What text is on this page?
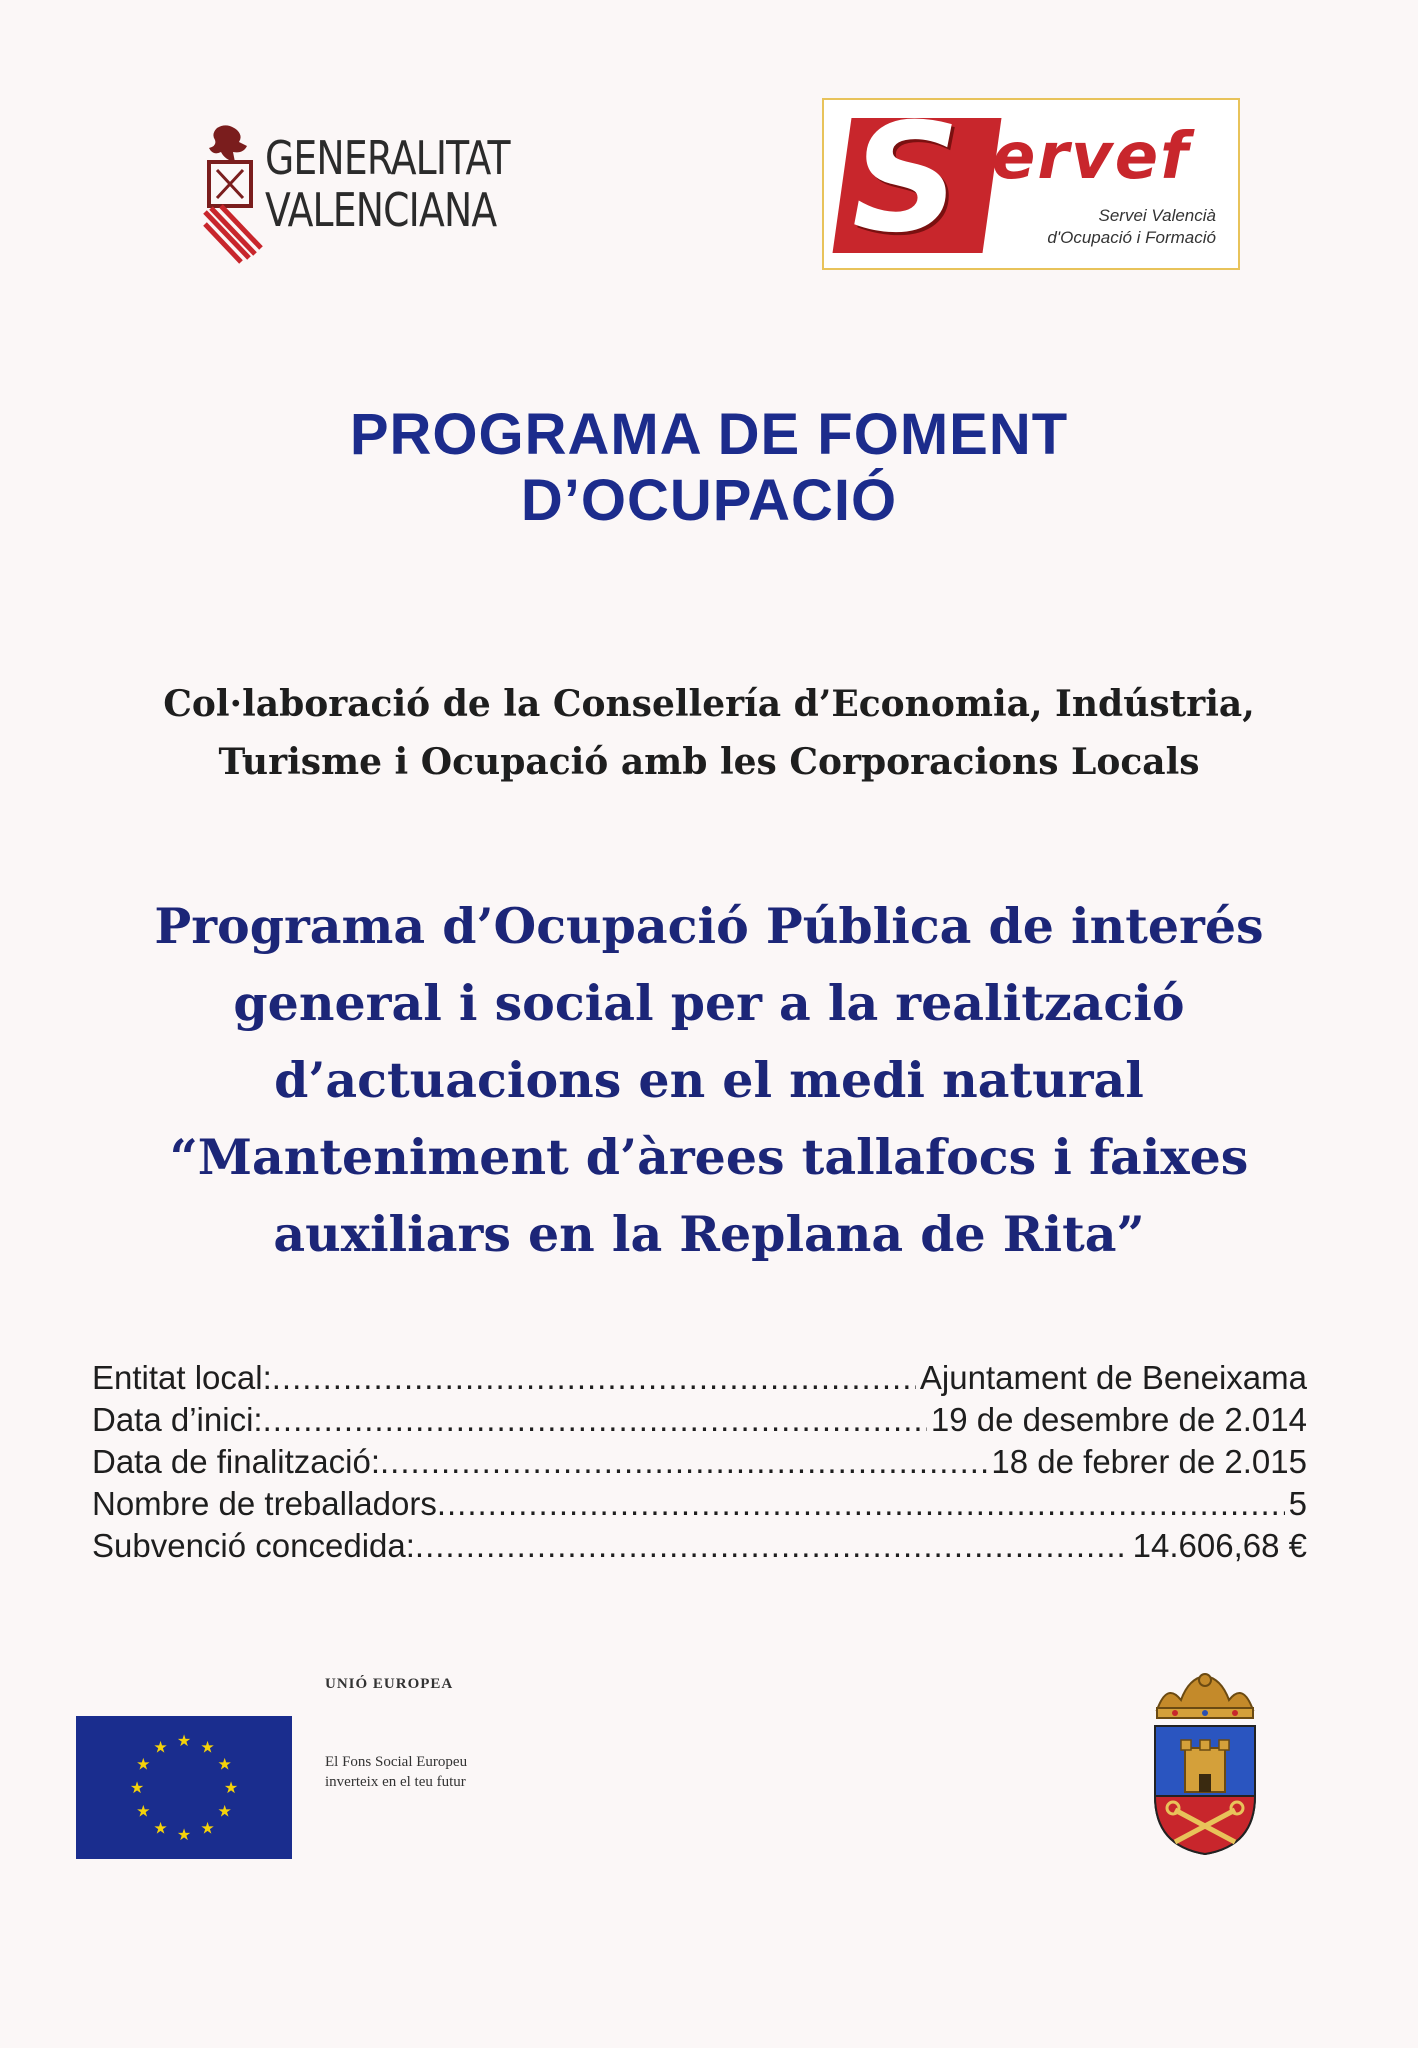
GENERALITAT
VALENCIANA S ervef
Servei Valencià
d'Ocupació i Formació
PROGRAMA DE FOMENT
D’OCUPACIÓ
Col·laboració de la Consellería d’Economia, Indústria,
Turisme i Ocupació amb les Corporacions Locals
Programa d’Ocupació Pública de interés
general i social per a la realització
d’actuacions en el medi natural
“Manteniment d’àrees tallafocs i faixes
auxiliars en la Replana de Rita”
Entitat local: .....	Ajuntament de Beneixama
Data d’inici: .....	19 de desembre de 2.014
Data de finalització: .....	18 de febrer de 2.015
Nombre de treballadors .....	5
Subvenció concedida: .....	14.606,68 €
★ ★
★
★
★
★
★
★
★
★
★
★
UNIÓ EUROPEA
El Fons Social Europeu
inverteix en el teu futur
